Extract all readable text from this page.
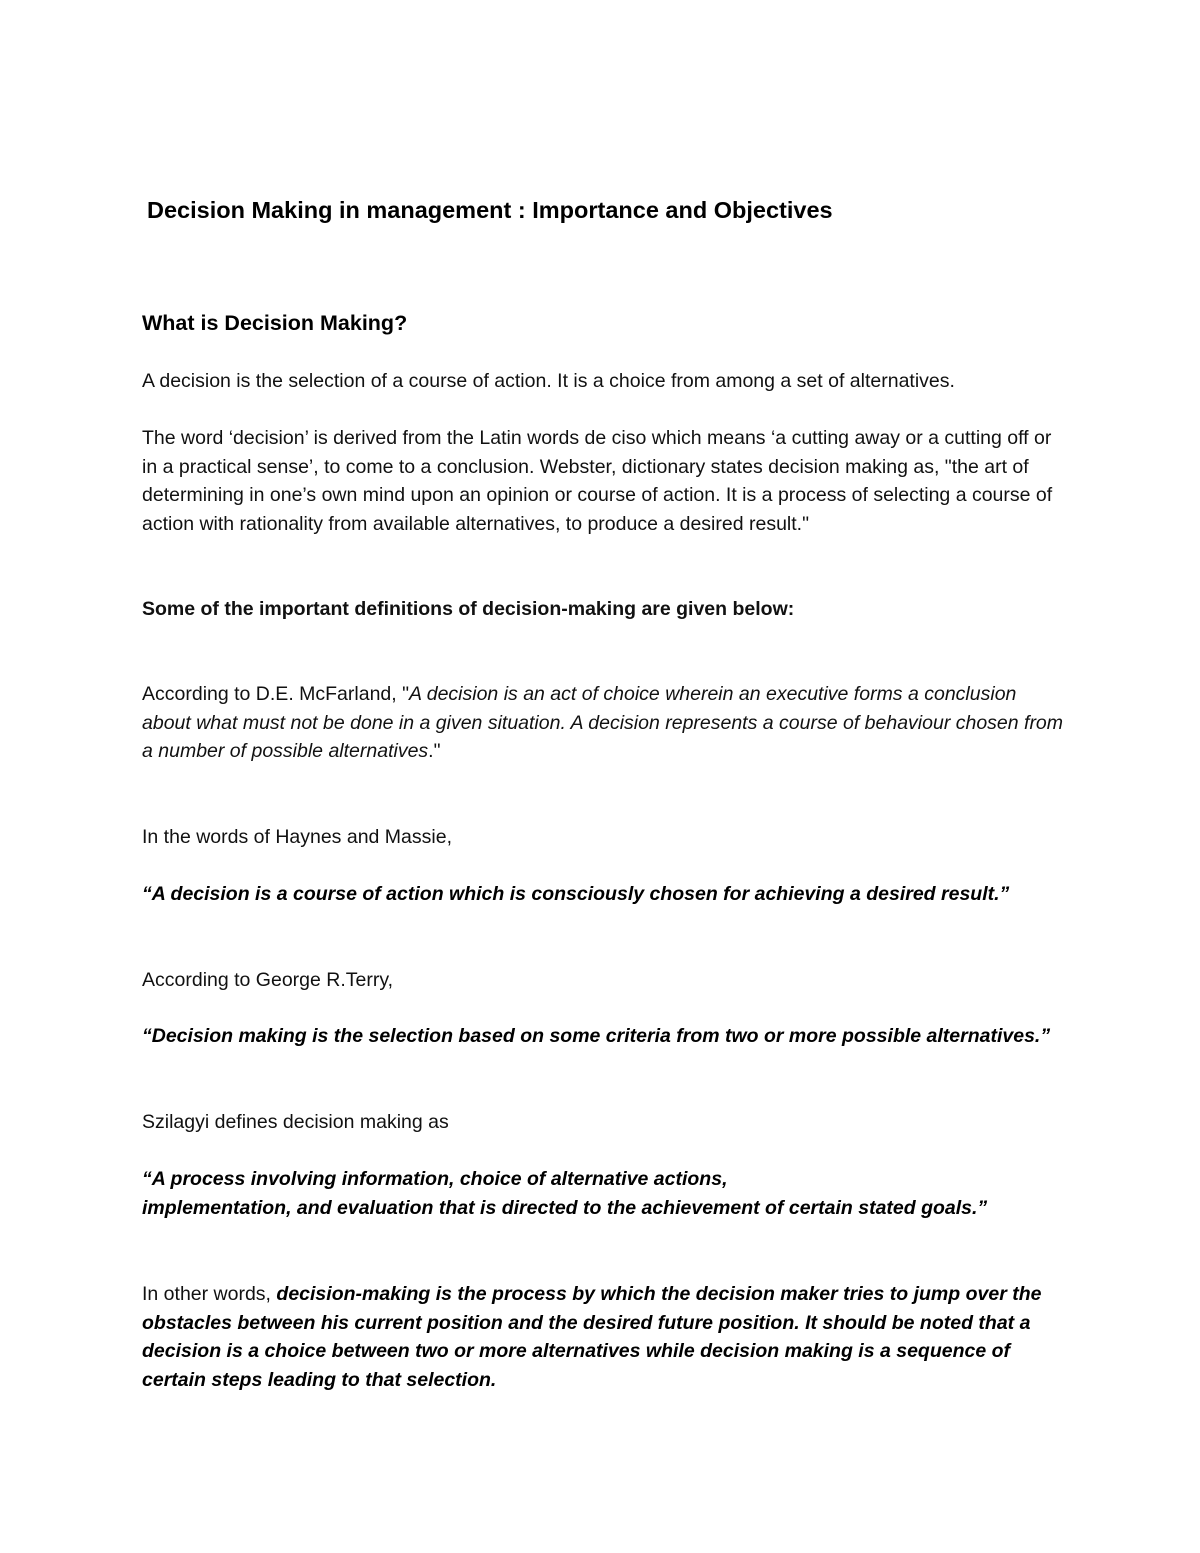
Decision Making in management : Importance and Objectives
What is Decision Making?

A decision is the selection of a course of action. It is a choice from among a set of alternatives.

The word ‘decision’ is derived from the Latin words de ciso which means ‘a cutting away or a cutting off or in a practical sense’, to come to a conclusion. Webster, dictionary states decision making as, "the art of determining in one’s own mind upon an opinion or course of action. It is a process of selecting a course of action with rationality from available alternatives, to produce a desired result."

Some of the important definitions of decision-making are given below:

According to D.E. McFarland, "A decision is an act of choice wherein an executive forms a conclusion about what must not be done in a given situation. A decision represents a course of behaviour chosen from a number of possible alternatives."

In the words of Haynes and Massie,

“A decision is a course of action which is consciously chosen for achieving a desired result.”

According to George R.Terry,

“Decision making is the selection based on some criteria from two or more possible alternatives.”

Szilagyi defines decision making as

“A process involving information, choice of alternative actions,
implementation, and evaluation that is directed to the achievement of certain stated goals.”

In other words, decision-making is the process by which the decision maker tries to jump over the obstacles between his current position and the desired future position. It should be noted that a decision is a choice between two or more alternatives while decision making is a sequence of certain steps leading to that selection.
